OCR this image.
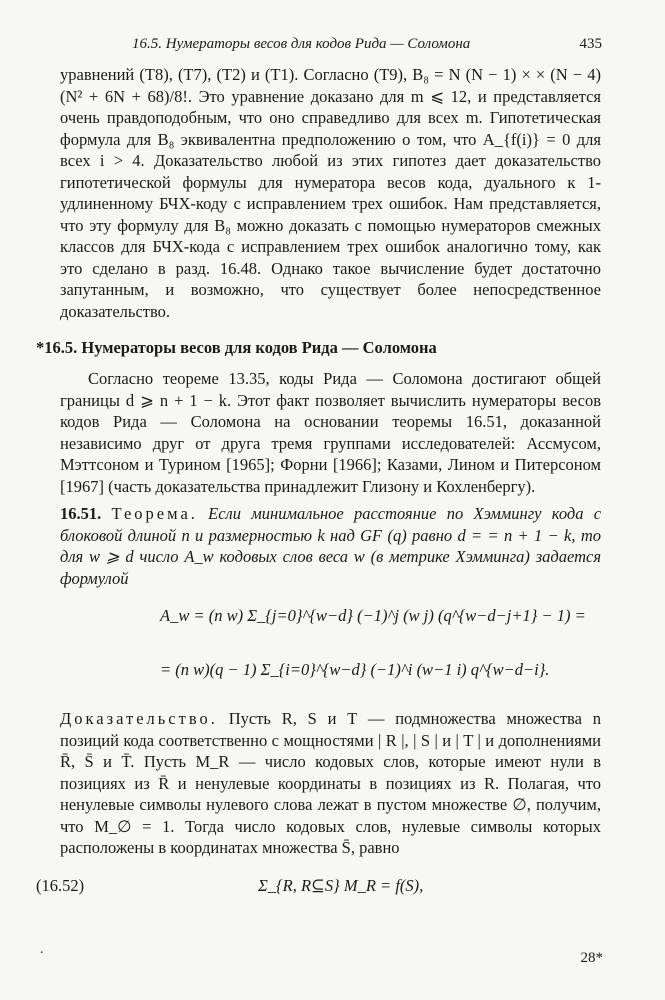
16.5. Нумераторы весов для кодов Рида — Соломона	435

уравнений (T8), (T7), (T2) и (T1). Согласно (T9), B₈ = N (N − 1) × × (N − 4) (N² + 6N + 68)/8!. Это уравнение доказано для m ⩽ 12, и представляется очень правдоподобным, что оно справедливо для всех m. Гипотетическая формула для B₈ эквивалентна предположению о том, что A_{f(i)} = 0 для всех i > 4. Доказательство любой из этих гипотез дает доказательство гипотетической формулы для нумератора весов кода, дуального к 1-удлиненному БЧХ-коду с исправлением трех ошибок. Нам представляется, что эту формулу для B₈ можно доказать с помощью нумераторов смежных классов для БЧХ-кода с исправлением трех ошибок аналогично тому, как это сделано в разд. 16.48. Однако такое вычисление будет достаточно запутанным, и возможно, что существует более непосредственное доказательство.

*16.5. Нумераторы весов для кодов Рида — Соломона

Согласно теореме 13.35, коды Рида — Соломона достигают общей границы d ⩾ n + 1 − k. Этот факт позволяет вычислить нумераторы весов кодов Рида — Соломона на основании теоремы 16.51, доказанной независимо друг от друга тремя группами исследователей: Ассмусом, Мэттсоном и Турином [1965]; Форни [1966]; Казами, Лином и Питерсоном [1967] (часть доказательства принадлежит Глизону и Кохленбергу).

16.51. Теорема. Если минимальное расстояние по Хэммингу кода с блоковой длиной n и размерностью k над GF (q) равно d = = n + 1 − k, то для w ⩾ d число A_w кодовых слов веса w (в метрике Хэмминга) задается формулой

A_w = (n w) Σ_{j=0}^{w−d} (−1)^j (w j) (q^{w−d−j+1} − 1) =
= (n w)(q − 1) Σ_{i=0}^{w−d} (−1)^i (w−1 i) q^{w−d−i}.

Доказательство. Пусть R, S и T — подмножества множества n позиций кода соответственно с мощностями | R |, | S | и | T | и дополнениями R̄, S̄ и T̄. Пусть M_R — число кодовых слов, которые имеют нули в позициях из R̄ и ненулевые координаты в позициях из R. Полагая, что ненулевые символы нулевого слова лежат в пустом множестве ∅, получим, что M_∅ = 1. Тогда число кодовых слов, нулевые символы которых расположены в координатах множества S̄, равно

(16.52)	Σ_{R, R⊆S} M_R = f(S),
.
28*
